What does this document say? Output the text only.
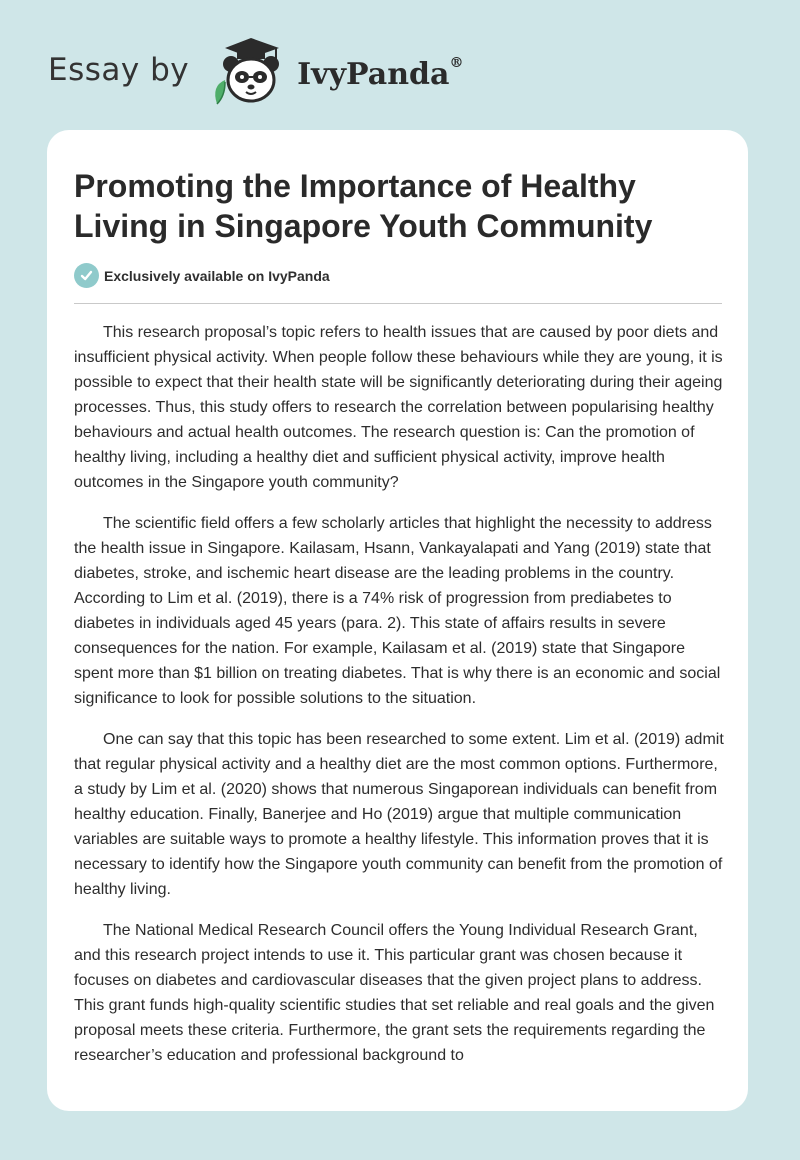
Essay by	IvyPanda®
Promoting the Importance of Healthy Living in Singapore Youth Community
Exclusively available on IvyPanda

This research proposal’s topic refers to health issues that are caused by poor diets and insufficient physical activity. When people follow these behaviours while they are young, it is possible to expect that their health state will be significantly deteriorating during their ageing processes. Thus, this study offers to research the correlation between popularising healthy behaviours and actual health outcomes. The research question is: Can the promotion of healthy living, including a healthy diet and sufficient physical activity, improve health outcomes in the Singapore youth community?

The scientific field offers a few scholarly articles that highlight the necessity to address the health issue in Singapore. Kailasam, Hsann, Vankayalapati and Yang (2019) state that diabetes, stroke, and ischemic heart disease are the leading problems in the country. According to Lim et al. (2019), there is a 74% risk of progression from prediabetes to diabetes in individuals aged 45 years (para. 2). This state of affairs results in severe consequences for the nation. For example, Kailasam et al. (2019) state that Singapore spent more than $1 billion on treating diabetes. That is why there is an economic and social significance to look for possible solutions to the situation.

One can say that this topic has been researched to some extent. Lim et al. (2019) admit that regular physical activity and a healthy diet are the most common options. Furthermore, a study by Lim et al. (2020) shows that numerous Singaporean individuals can benefit from healthy education. Finally, Banerjee and Ho (2019) argue that multiple communication variables are suitable ways to promote a healthy lifestyle. This information proves that it is necessary to identify how the Singapore youth community can benefit from the promotion of healthy living.

The National Medical Research Council offers the Young Individual Research Grant, and this research project intends to use it. This particular grant was chosen because it focuses on diabetes and cardiovascular diseases that the given project plans to address. This grant funds high-quality scientific studies that set reliable and real goals and the given proposal meets these criteria. Furthermore, the grant sets the requirements regarding the researcher’s education and professional background to
